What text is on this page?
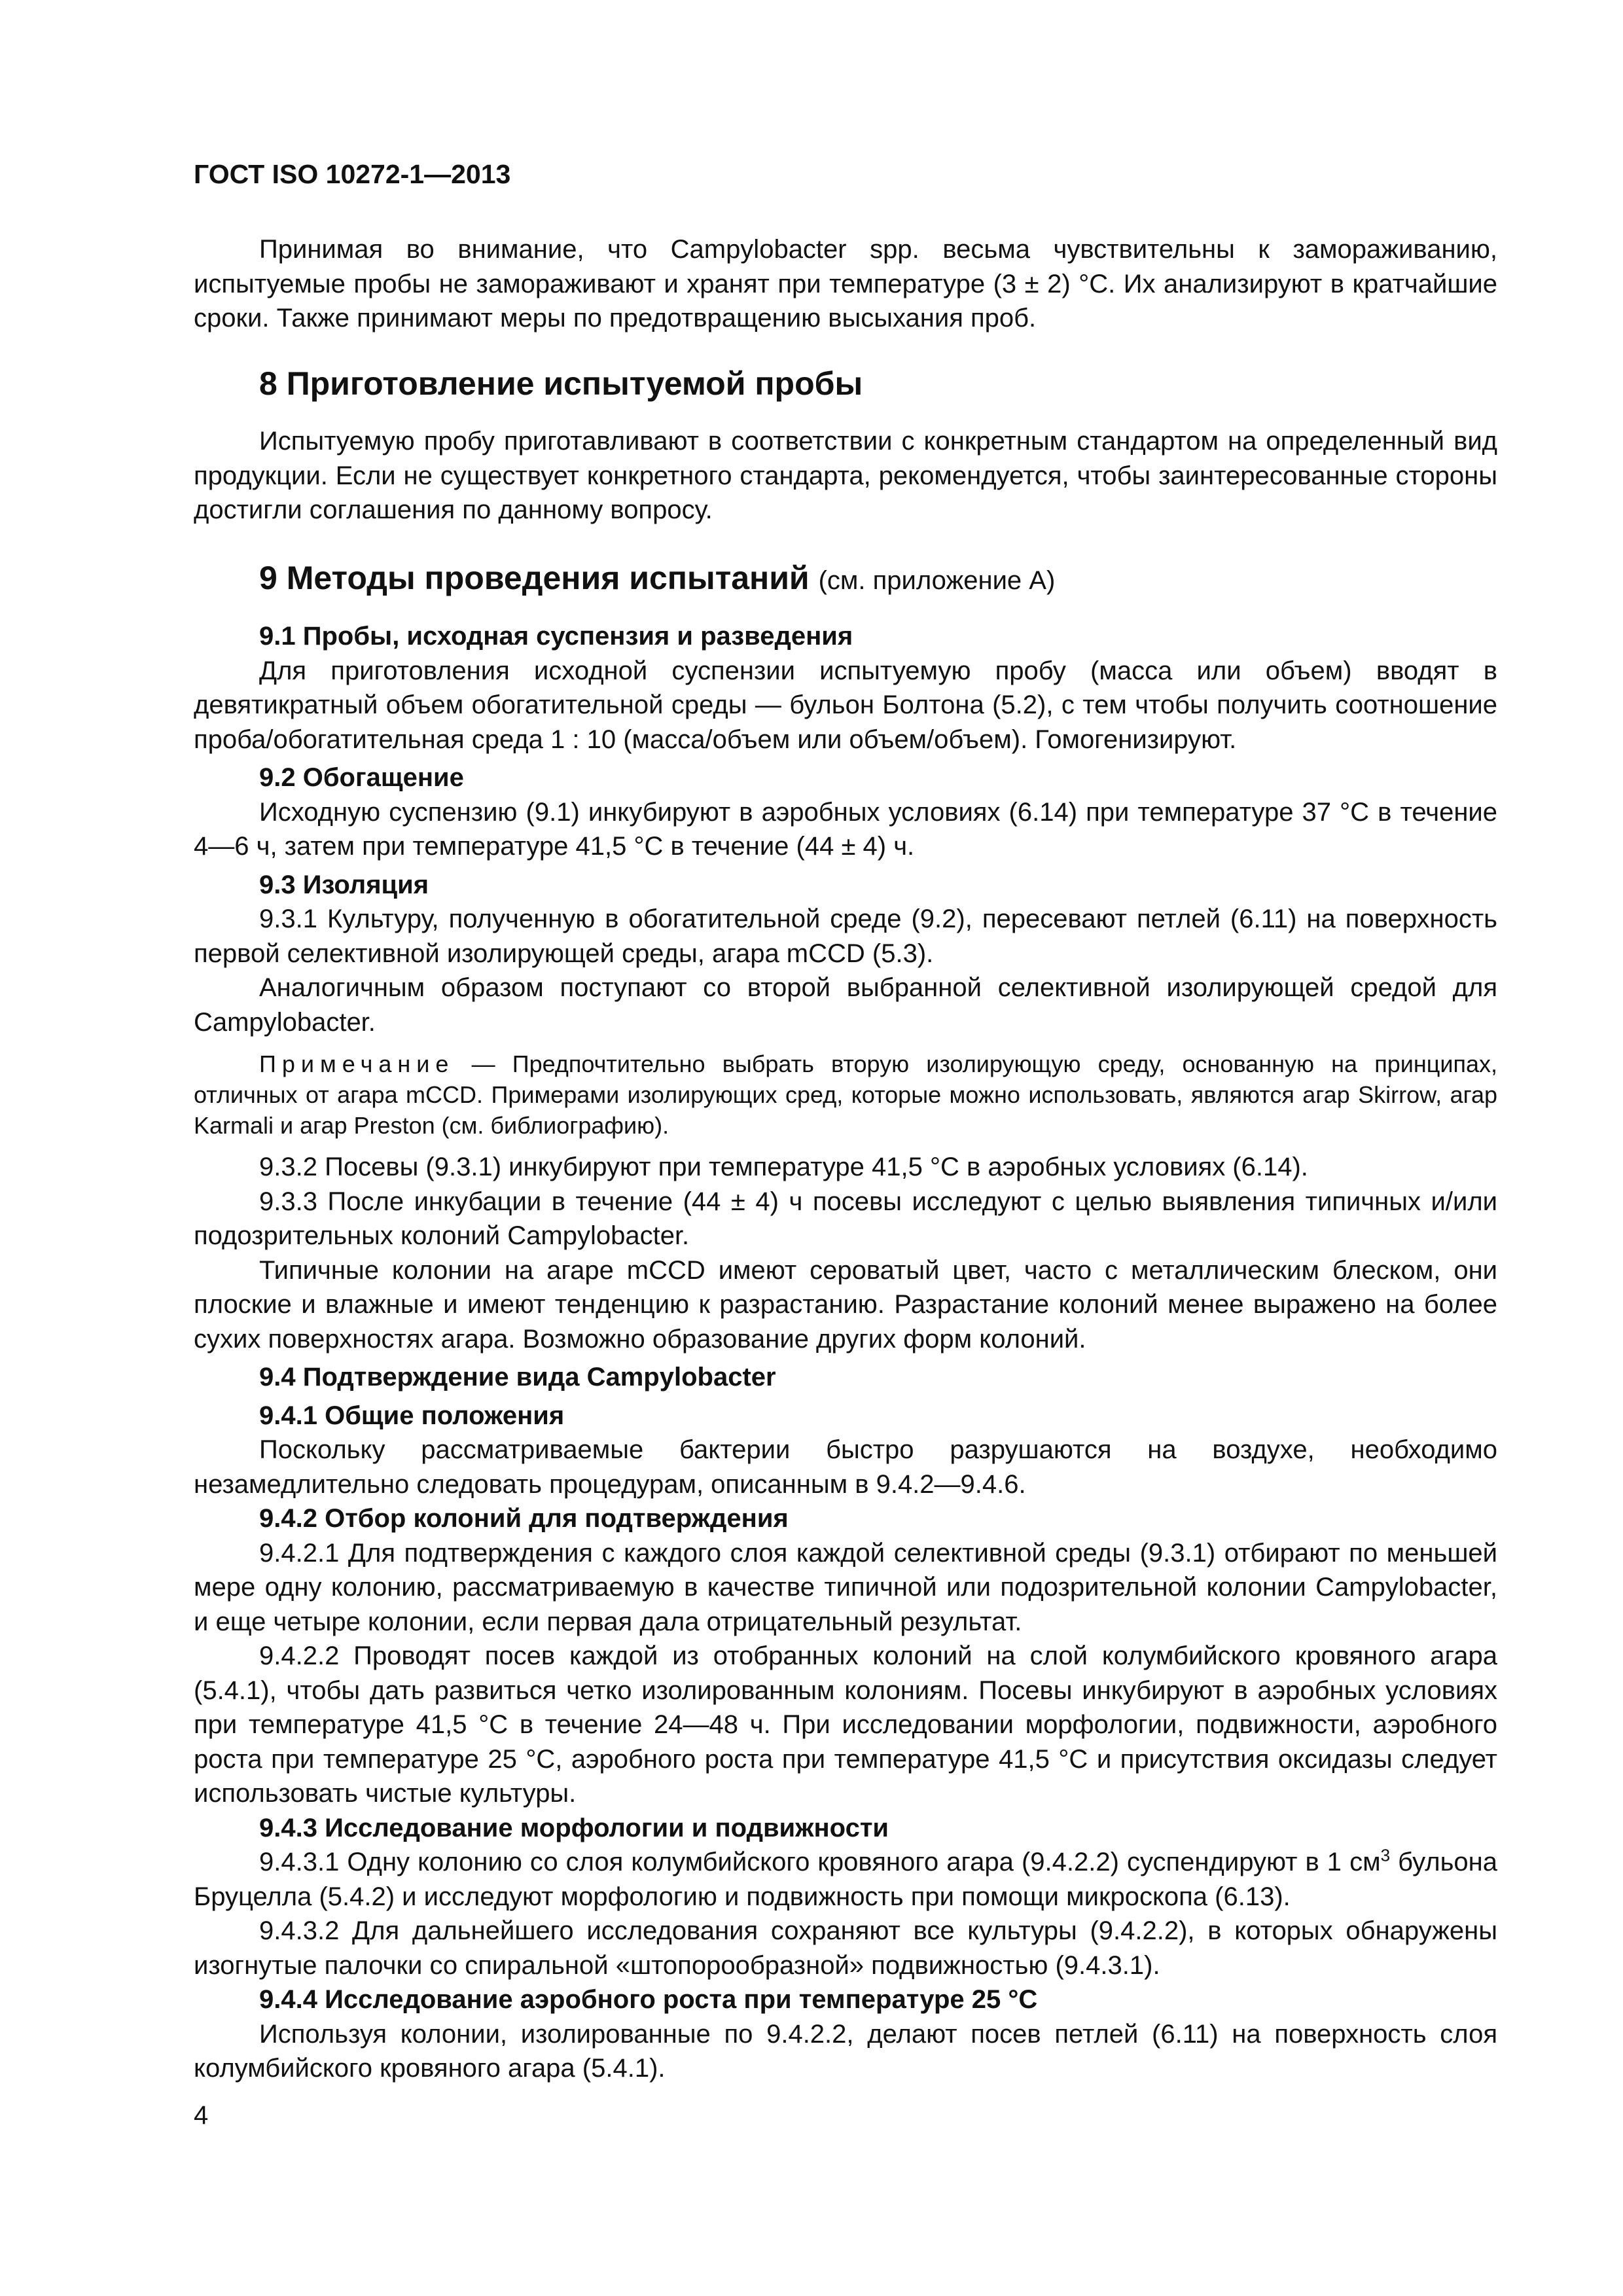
ГОСТ ISO 10272-1—2013

Принимая во внимание, что Campylobacter spp. весьма чувствительны к замораживанию, испытуемые пробы не замораживают и хранят при температуре (3 ± 2) °С. Их анализируют в кратчайшие сроки. Также принимают меры по предотвращению высыхания проб.

8 Приготовление испытуемой пробы

Испытуемую пробу приготавливают в соответствии с конкретным стандартом на определенный вид продукции. Если не существует конкретного стандарта, рекомендуется, чтобы заинтересованные стороны достигли соглашения по данному вопросу.

9 Методы проведения испытаний (см. приложение А)
9.1 Пробы, исходная суспензия и разведения

Для приготовления исходной суспензии испытуемую пробу (масса или объем) вводят в девятикратный объем обогатительной среды — бульон Болтона (5.2), с тем чтобы получить соотношение проба/обогатительная среда 1 : 10 (масса/объем или объем/объем). Гомогенизируют.

9.2 Обогащение

Исходную суспензию (9.1) инкубируют в аэробных условиях (6.14) при температуре 37 °С в течение 4—6 ч, затем при температуре 41,5 °С в течение (44 ± 4) ч.

9.3 Изоляция

9.3.1 Культуру, полученную в обогатительной среде (9.2), пересевают петлей (6.11) на поверхность первой селективной изолирующей среды, агара mCCD (5.3).

Аналогичным образом поступают со второй выбранной селективной изолирующей средой для Campylobacter.

Примечание — Предпочтительно выбрать вторую изолирующую среду, основанную на принципах, отличных от агара mCCD. Примерами изолирующих сред, которые можно использовать, являются агар Skirrow, агар Karmali и агар Preston (см. библиографию).

9.3.2 Посевы (9.3.1) инкубируют при температуре 41,5 °С в аэробных условиях (6.14).

9.3.3 После инкубации в течение (44 ± 4) ч посевы исследуют с целью выявления типичных и/или подозрительных колоний Campylobacter.

Типичные колонии на агаре mCCD имеют сероватый цвет, часто с металлическим блеском, они плоские и влажные и имеют тенденцию к разрастанию. Разрастание колоний менее выражено на более сухих поверхностях агара. Возможно образование других форм колоний.

9.4 Подтверждение вида Campylobacter
9.4.1 Общие положения

Поскольку рассматриваемые бактерии быстро разрушаются на воздухе, необходимо незамедлительно следовать процедурам, описанным в 9.4.2—9.4.6.

9.4.2 Отбор колоний для подтверждения

9.4.2.1 Для подтверждения с каждого слоя каждой селективной среды (9.3.1) отбирают по меньшей мере одну колонию, рассматриваемую в качестве типичной или подозрительной колонии Campylobacter, и еще четыре колонии, если первая дала отрицательный результат.

9.4.2.2 Проводят посев каждой из отобранных колоний на слой колумбийского кровяного агара (5.4.1), чтобы дать развиться четко изолированным колониям. Посевы инкубируют в аэробных условиях при температуре 41,5 °С в течение 24—48 ч. При исследовании морфологии, подвижности, аэробного роста при температуре 25 °С, аэробного роста при температуре 41,5 °С и присутствия оксидазы следует использовать чистые культуры.

9.4.3 Исследование морфологии и подвижности

9.4.3.1 Одну колонию со слоя колумбийского кровяного агара (9.4.2.2) суспендируют в 1 $см^3$ бульона Бруцелла (5.4.2) и исследуют морфологию и подвижность при помощи микроскопа (6.13).

9.4.3.2 Для дальнейшего исследования сохраняют все культуры (9.4.2.2), в которых обнаружены изогнутые палочки со спиральной «штопорообразной» подвижностью (9.4.3.1).

9.4.4 Исследование аэробного роста при температуре 25 °С

Используя колонии, изолированные по 9.4.2.2, делают посев петлей (6.11) на поверхность слоя колумбийского кровяного агара (5.4.1).

4
